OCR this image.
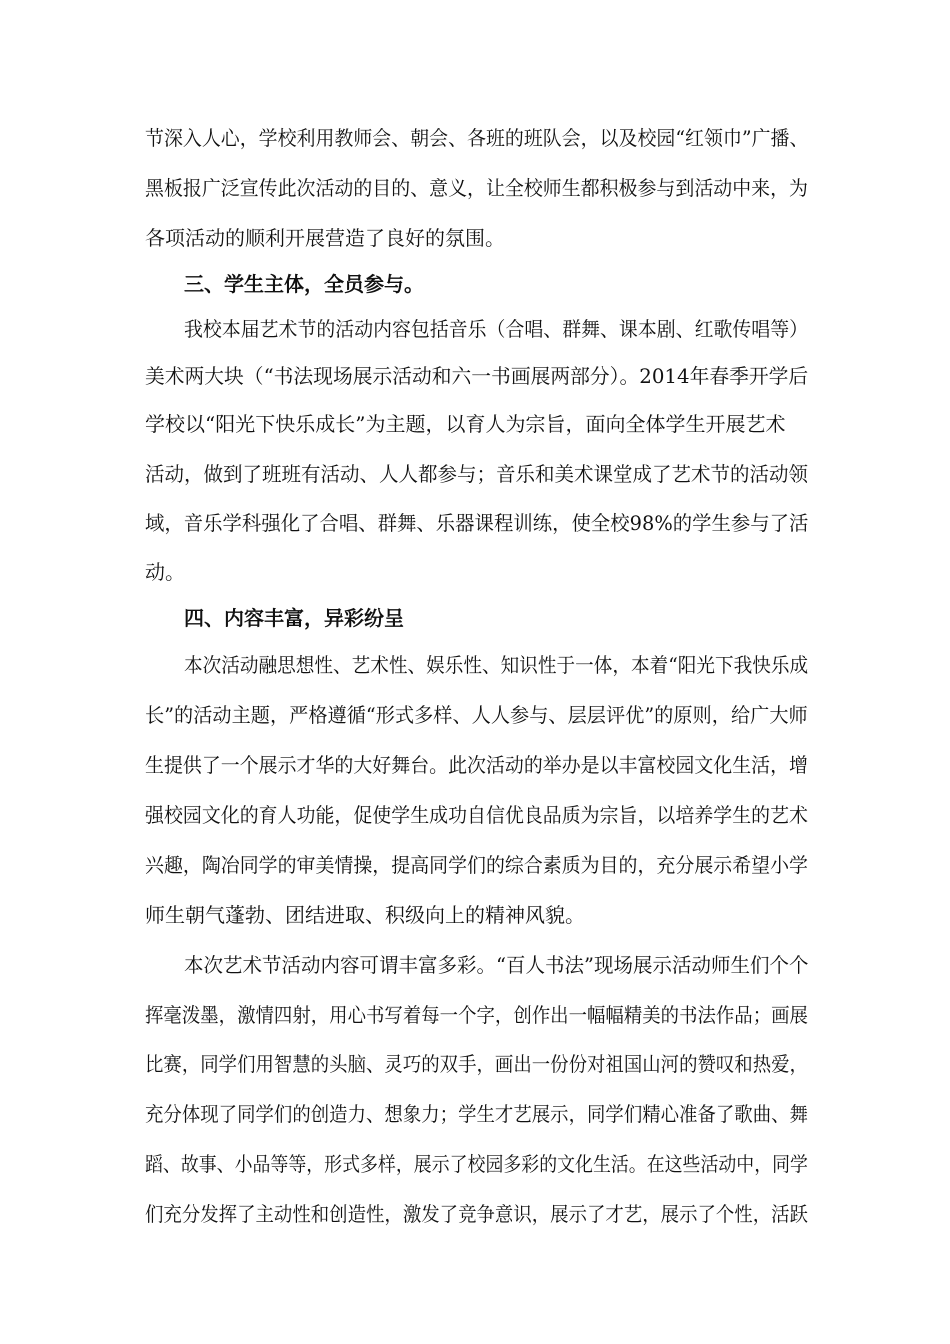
节深入人心，学校利用教师会、朝会、各班的班队会，以及校园“红领巾”广播、
黑板报广泛宣传此次活动的目的、意义，让全校师生都积极参与到活动中来，为
各项活动的顺利开展营造了良好的氛围。
三、学生主体，全员参与。
我校本届艺术节的活动内容包括音乐（合唱、群舞、课本剧、红歌传唱等）
美术两大块（“书法现场展示活动和六一书画展两部分）。2014年春季开学后
学校以“阳光下快乐成长”为主题，以育人为宗旨，面向全体学生开展艺术
活动，做到了班班有活动、人人都参与；音乐和美术课堂成了艺术节的活动领
域，音乐学科强化了合唱、群舞、乐器课程训练，使全校98%的学生参与了活
动。
四、内容丰富，异彩纷呈
本次活动融思想性、艺术性、娱乐性、知识性于一体，本着“阳光下我快乐成
长”的活动主题，严格遵循“形式多样、人人参与、层层评优”的原则，给广大师
生提供了一个展示才华的大好舞台。此次活动的举办是以丰富校园文化生活，增
强校园文化的育人功能，促使学生成功自信优良品质为宗旨，以培养学生的艺术
兴趣，陶冶同学的审美情操，提高同学们的综合素质为目的，充分展示希望小学
师生朝气蓬勃、团结进取、积级向上的精神风貌。
本次艺术节活动内容可谓丰富多彩。“百人书法”现场展示活动师生们个个
挥毫泼墨，激情四射，用心书写着每一个字，创作出一幅幅精美的书法作品；画展
比赛，同学们用智慧的头脑、灵巧的双手，画出一份份对祖国山河的赞叹和热爱，
充分体现了同学们的创造力、想象力；学生才艺展示，同学们精心准备了歌曲、舞
蹈、故事、小品等等，形式多样，展示了校园多彩的文化生活。在这些活动中，同学
们充分发挥了主动性和创造性，激发了竞争意识，展示了才艺，展示了个性，活跃
